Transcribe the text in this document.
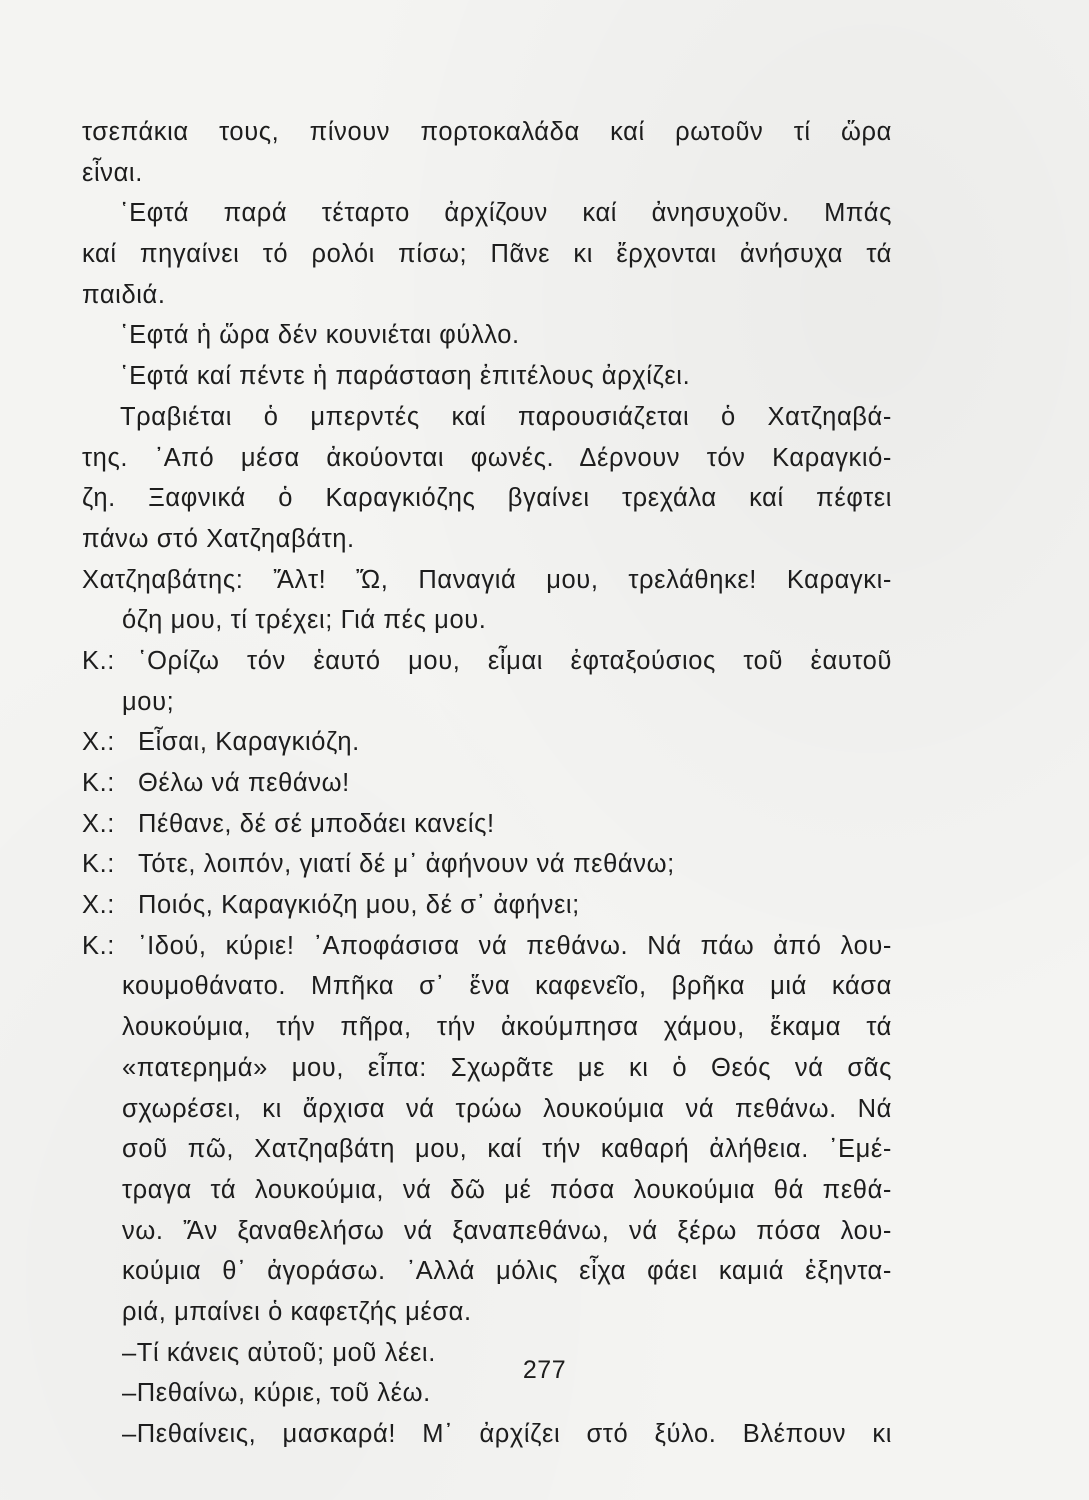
τσεπάκια τους, πίνουν πορτοκαλάδα καί ρωτοῦν τί ὥρα
εἶναι.
῾Εφτά παρά τέταρτο ἀρχίζουν καί ἀνησυχοῦν. Μπάς
καί πηγαίνει τό ρολόι πίσω; Πᾶνε κι ἔρχονται ἀνήσυχα τά
παιδιά.
῾Εφτά ἡ ὥρα δέν κουνιέται φύλλο.
῾Εφτά καί πέντε ἡ παράσταση ἐπιτέλους ἀρχίζει.
Τραβιέται ὁ μπερντές καί παρουσιάζεται ὁ Χατζηαβά-
της. ᾿Από μέσα ἀκούονται φωνές. Δέρνουν τόν Καραγκιό-
ζη. Ξαφνικά ὁ Καραγκιόζης βγαίνει τρεχάλα καί πέφτει
πάνω στό Χατζηαβάτη.
Χατζηαβάτης: Ἄλτ! Ὤ, Παναγιά μου, τρελάθηκε! Καραγκι-
όζη μου, τί τρέχει; Γιά πές μου.
Κ.: ῾Ορίζω τόν ἑαυτό μου, εἶμαι ἐφταξούσιος τοῦ ἑαυτοῦ
μου;
Χ.: Εἶσαι, Καραγκιόζη.
Κ.: Θέλω νά πεθάνω!
Χ.: Πέθανε, δέ σέ μποδάει κανείς!
Κ.: Τότε, λοιπόν, γιατί δέ μ᾿ ἀφήνουν νά πεθάνω;
Χ.: Ποιός, Καραγκιόζη μου, δέ σ᾿ ἀφήνει;
Κ.: ᾿Ιδού, κύριε! ᾿Αποφάσισα νά πεθάνω. Νά πάω ἀπό λου-
κουμοθάνατο. Μπῆκα σ᾿ ἕνα καφενεῖο, βρῆκα μιά κάσα
λουκούμια, τήν πῆρα, τήν ἀκούμπησα χάμου, ἔκαμα τά
«πατερημά» μου, εἶπα: Σχωρᾶτε με κι ὁ Θεός νά σᾶς
σχωρέσει, κι ἄρχισα νά τρώω λουκούμια νά πεθάνω. Νά
σοῦ πῶ, Χατζηαβάτη μου, καί τήν καθαρή ἀλήθεια. ᾿Εμέ-
τραγα τά λουκούμια, νά δῶ μέ πόσα λουκούμια θά πεθά-
νω. Ἄν ξαναθελήσω νά ξαναπεθάνω, νά ξέρω πόσα λου-
κούμια θ᾿ ἀγοράσω. ᾿Αλλά μόλις εἶχα φάει καμιά ἑξηντα-
ριά, μπαίνει ὁ καφετζής μέσα.
–Τί κάνεις αὐτοῦ; μοῦ λέει.
–Πεθαίνω, κύριε, τοῦ λέω.
–Πεθαίνεις, μασκαρά! Μ᾿ ἀρχίζει στό ξύλο. Βλέπουν κι
277
